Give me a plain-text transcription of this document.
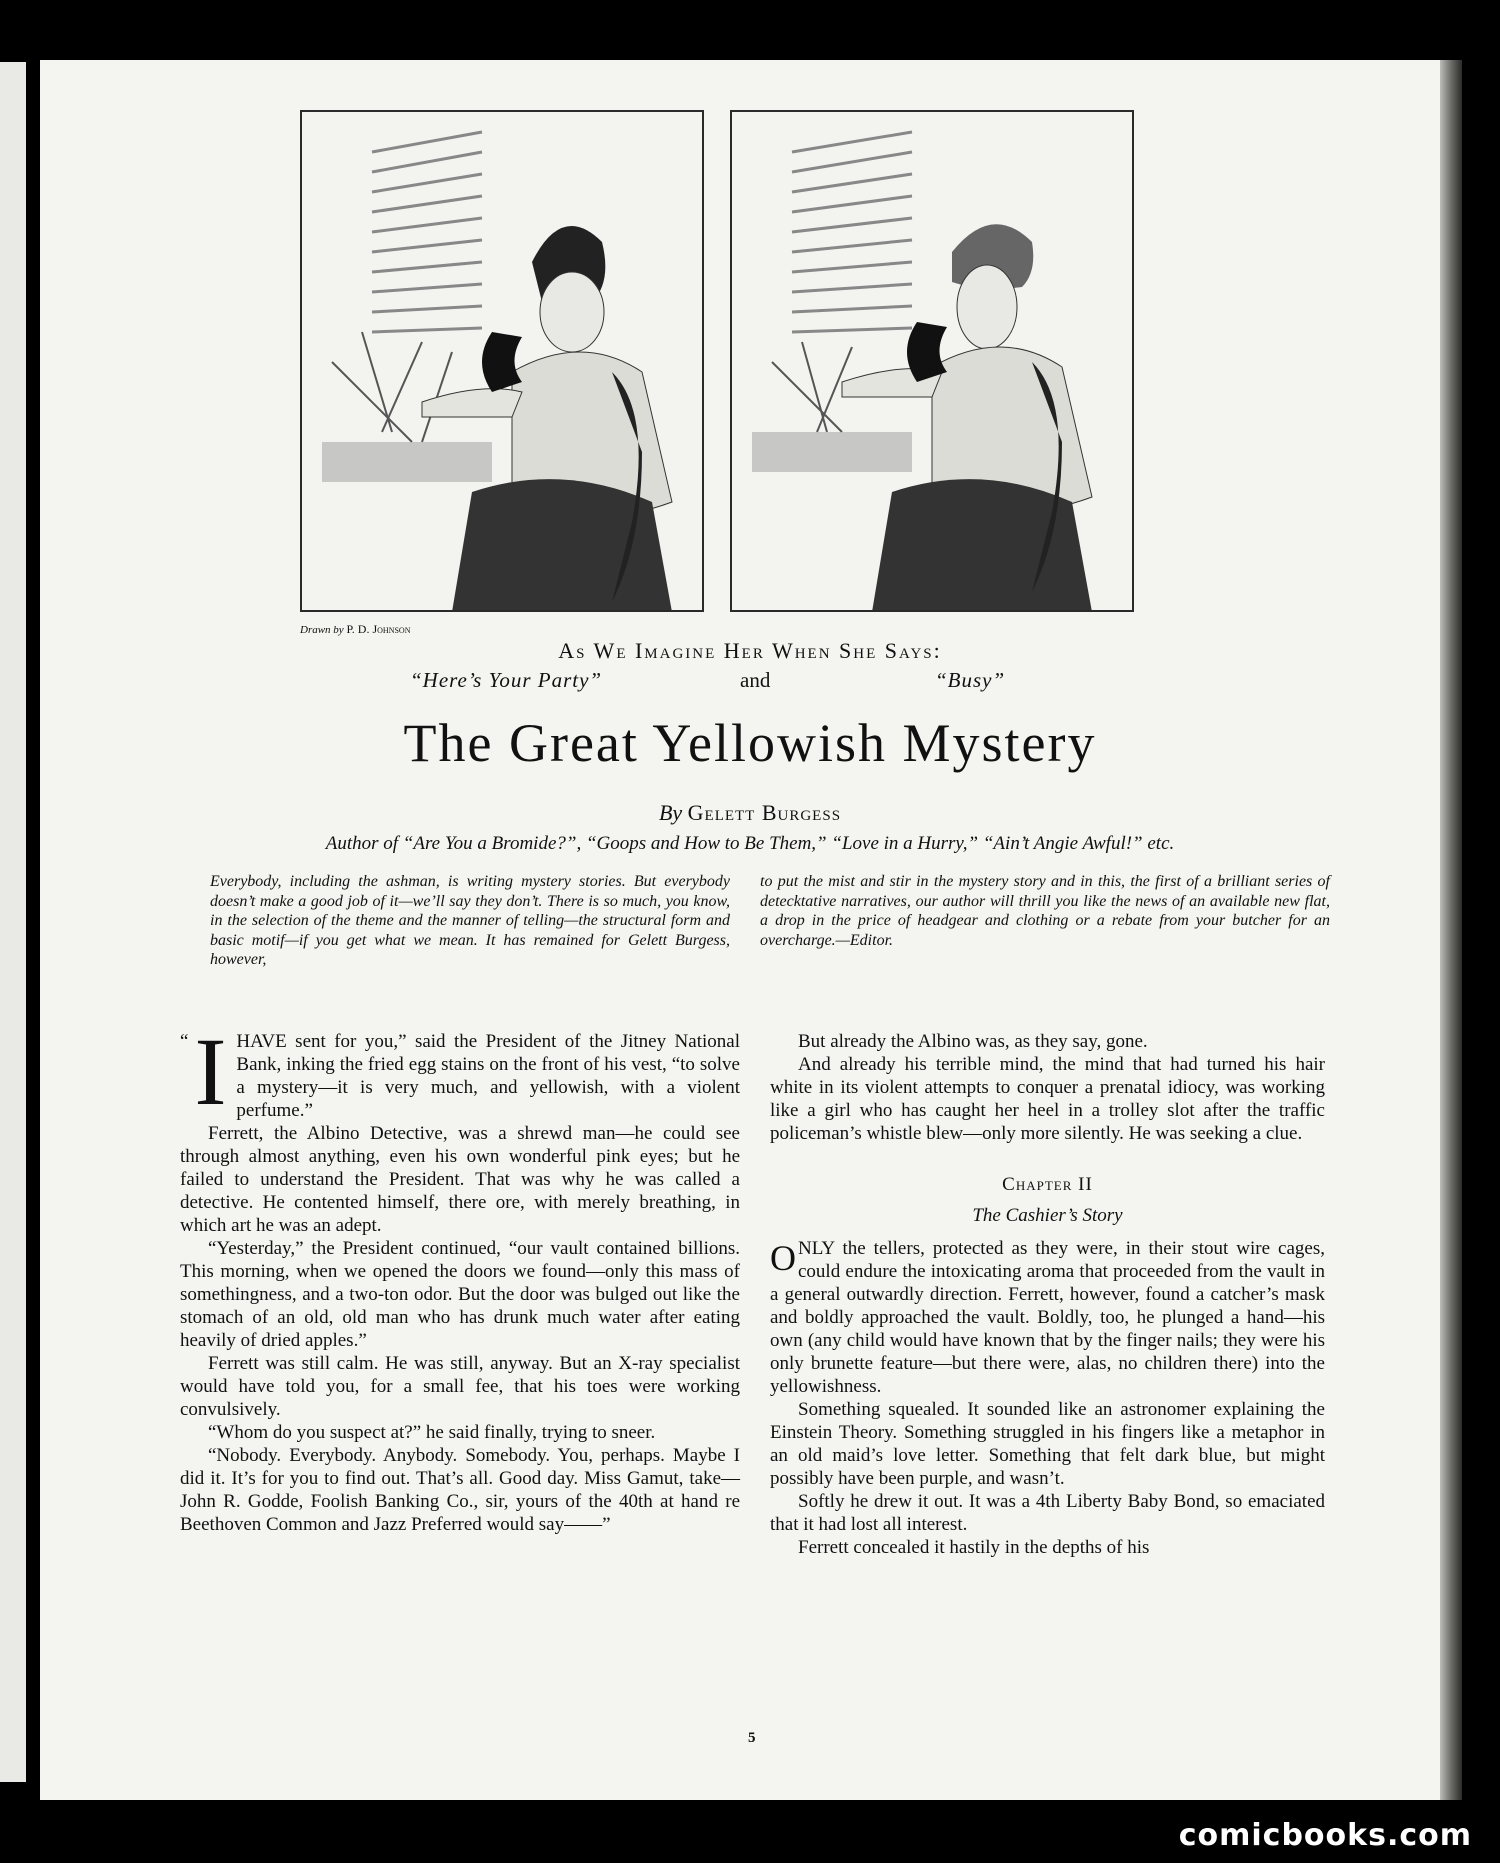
Drawn by P. D. Johnson
As We Imagine Her When She Says:
“Here’s Your Party”	and	“Busy”
The Great Yellowish Mystery
By Gelett Burgess
Author of “Are You a Bromide?”, “Goops and How to Be Them,” “Love in a Hurry,” “Ain’t Angie Awful!” etc.
Everybody, including the ashman, is writing mystery stories. But everybody doesn’t make a good job of it—we’ll say they don’t. There is so much, you know, in the selection of the theme and the manner of telling—the structural form and basic motif—if you get what we mean. It has remained for Gelett Burgess, however,
to put the mist and stir in the mystery story and in this, the first of a brilliant series of detecktative narratives, our author will thrill you like the news of an available new flat, a drop in the price of headgear and clothing or a rebate from your butcher for an overcharge.—Editor.

“ I HAVE sent for you,” said the President of the Jitney National Bank, inking the fried egg stains on the front of his vest, “to solve a mystery—it is very much, and yellowish, with a violent perfume.”

Ferrett, the Albino Detective, was a shrewd man—he could see through almost anything, even his own wonderful pink eyes; but he failed to understand the President. That was why he was called a detective. He contented himself, there ore, with merely breathing, in which art he was an adept.

“Yesterday,” the President continued, “our vault contained billions. This morning, when we opened the doors we found—only this mass of somethingness, and a two-ton odor. But the door was bulged out like the stomach of an old, old man who has drunk much water after eating heavily of dried apples.”

Ferrett was still calm. He was still, anyway. But an X-ray specialist would have told you, for a small fee, that his toes were working convulsively.

“Whom do you suspect at?” he said finally, trying to sneer.

“Nobody. Everybody. Anybody. Somebody. You, perhaps. Maybe I did it. It’s for you to find out. That’s all. Good day. Miss Gamut, take—John R. Godde, Foolish Banking Co., sir, yours of the 40th at hand re Beethoven Common and Jazz Preferred would say——”

But already the Albino was, as they say, gone.

And already his terrible mind, the mind that had turned his hair white in its violent attempts to conquer a prenatal idiocy, was working like a girl who has caught her heel in a trolley slot after the traffic policeman’s whistle blew—only more silently. He was seeking a clue.

Chapter II
The Cashier’s Story

ONLY the tellers, protected as they were, in their stout wire cages, could endure the intoxicating aroma that proceeded from the vault in a general outwardly direction. Ferrett, however, found a catcher’s mask and boldly approached the vault. Boldly, too, he plunged a hand—his own (any child would have known that by the finger nails; they were his only brunette feature—but there were, alas, no children there) into the yellowishness.

Something squealed. It sounded like an astronomer explaining the Einstein Theory. Something struggled in his fingers like a metaphor in an old maid’s love letter. Something that felt dark blue, but might possibly have been purple, and wasn’t.

Softly he drew it out. It was a 4th Liberty Baby Bond, so emaciated that it had lost all interest.

Ferrett concealed it hastily in the depths of his

5
comicbooks.com
